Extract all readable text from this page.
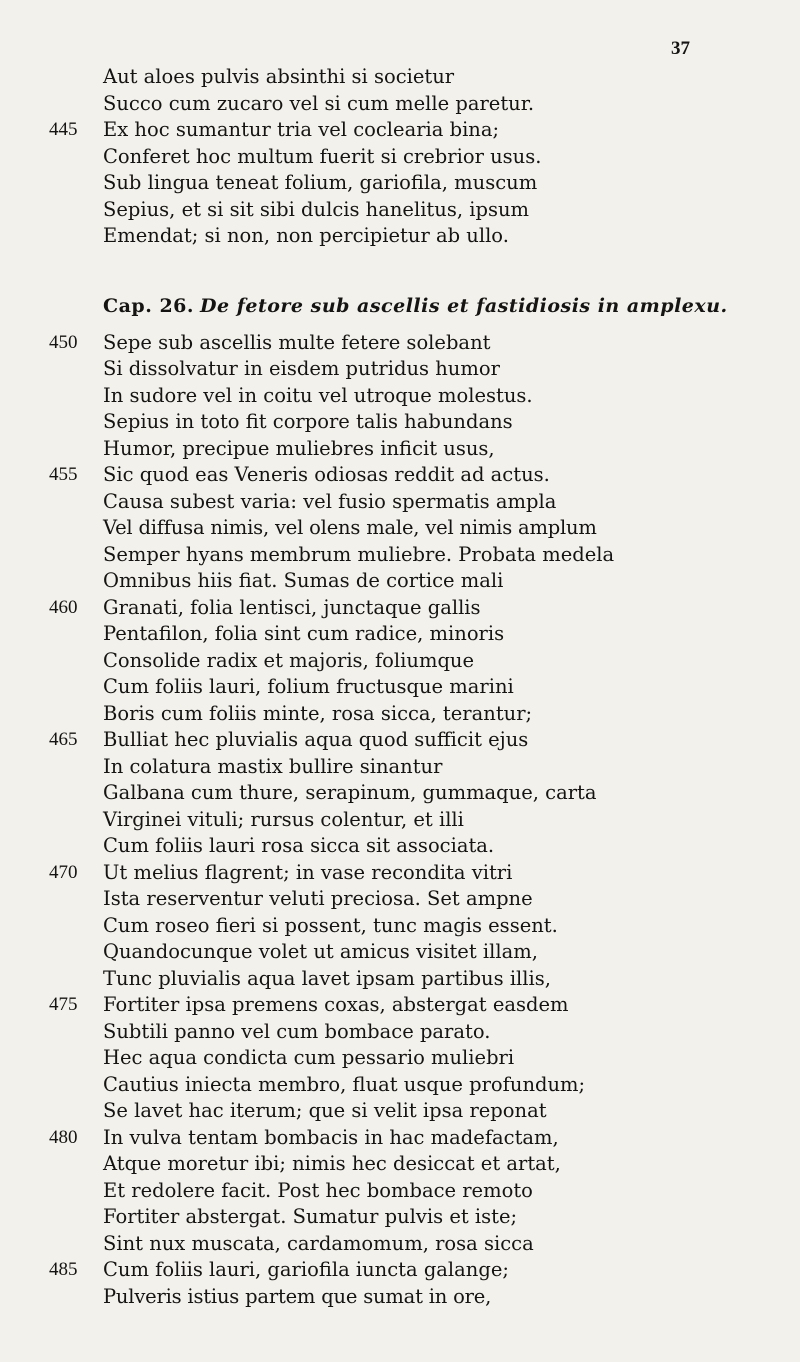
37
Aut aloes pulvis absinthi si societur
Succo cum zucaro vel si cum melle paretur.
445	Ex hoc sumantur tria vel coclearia bina;
Conferet hoc multum fuerit si crebrior usus.
Sub lingua teneat folium, gariofila, muscum
Sepius, et si sit sibi dulcis hanelitus, ipsum
Emendat; si non, non percipietur ab ullo.
Cap. 26. De fetore sub ascellis et fastidiosis in amplexu.
450	Sepe sub ascellis multe fetere solebant
Si dissolvatur in eisdem putridus humor
In sudore vel in coitu vel utroque molestus.
Sepius in toto fit corpore talis habundans
Humor, precipue muliebres inficit usus,
455	Sic quod eas Veneris odiosas reddit ad actus.
Causa subest varia: vel fusio spermatis ampla
Vel diffusa nimis, vel olens male, vel nimis amplum
Semper hyans membrum muliebre. Probata medela
Omnibus hiis fiat. Sumas de cortice mali
460	Granati, folia lentisci, junctaque gallis
Pentafilon, folia sint cum radice, minoris
Consolide radix et majoris, foliumque
Cum foliis lauri, folium fructusque marini
Boris cum foliis minte, rosa sicca, terantur;
465	Bulliat hec pluvialis aqua quod sufficit ejus
In colatura mastix bullire sinantur
Galbana cum thure, serapinum, gummaque, carta
Virginei vituli; rursus colentur, et illi
Cum foliis lauri rosa sicca sit associata.
470	Ut melius flagrent; in vase recondita vitri
Ista reserventur veluti preciosa. Set ampne
Cum roseo fieri si possent, tunc magis essent.
Quandocunque volet ut amicus visitet illam,
Tunc pluvialis aqua lavet ipsam partibus illis,
475	Fortiter ipsa premens coxas, abstergat easdem
Subtili panno vel cum bombace parato.
Hec aqua condicta cum pessario muliebri
Cautius iniecta membro, fluat usque profundum;
Se lavet hac iterum; que si velit ipsa reponat
480	In vulva tentam bombacis in hac madefactam,
Atque moretur ibi; nimis hec desiccat et artat,
Et redolere facit. Post hec bombace remoto
Fortiter abstergat. Sumatur pulvis et iste;
Sint nux muscata, cardamomum, rosa sicca
485	Cum foliis lauri, gariofila iuncta galange;
Pulveris istius partem que sumat in ore,
